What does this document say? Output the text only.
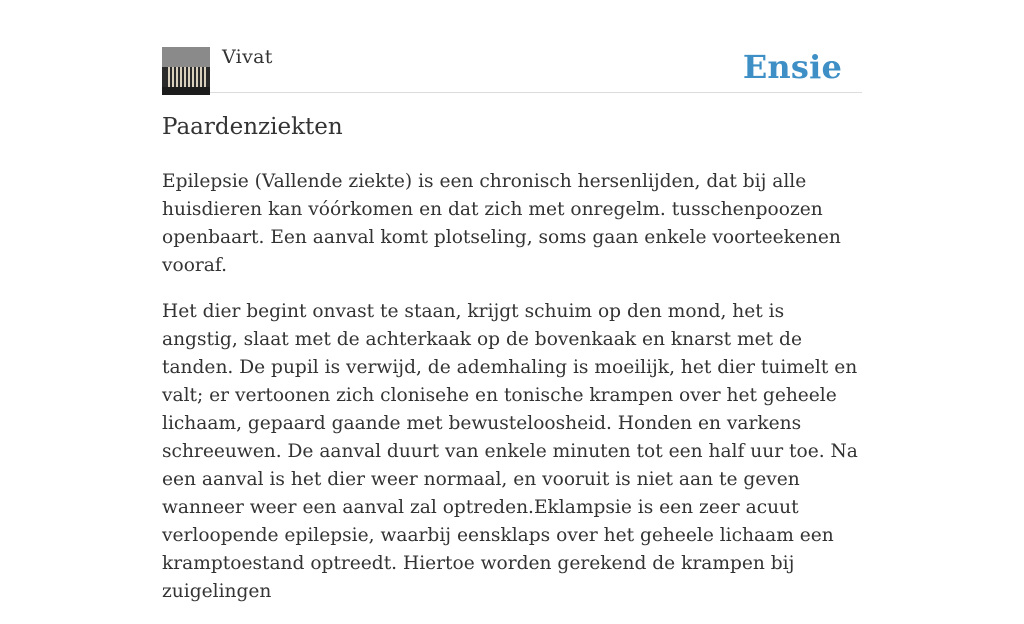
Vivat	Ensie
Paardenziekten

Epilepsie (Vallende ziekte) is een chronisch hersenlijden, dat bij alle huisdieren kan vóórkomen en dat zich met onregelm. tusschenpoozen openbaart. Een aanval komt plotseling, soms gaan enkele voorteekenen vooraf.

Het dier begint onvast te staan, krijgt schuim op den mond, het is angstig, slaat met de achterkaak op de bovenkaak en knarst met de tanden. De pupil is verwijd, de ademhaling is moeilijk, het dier tuimelt en valt; er vertoonen zich clonisehe en tonische krampen over het geheele lichaam, gepaard gaande met bewusteloosheid. Honden en varkens schreeuwen. De aanval duurt van enkele minuten tot een half uur toe. Na een aanval is het dier weer normaal, en vooruit is niet aan te geven wanneer weer een aanval zal optreden.Eklampsie is een zeer acuut verloopende epilepsie, waarbij eensklaps over het geheele lichaam een kramptoestand optreedt. Hiertoe worden gerekend de krampen bij zuigelingen
